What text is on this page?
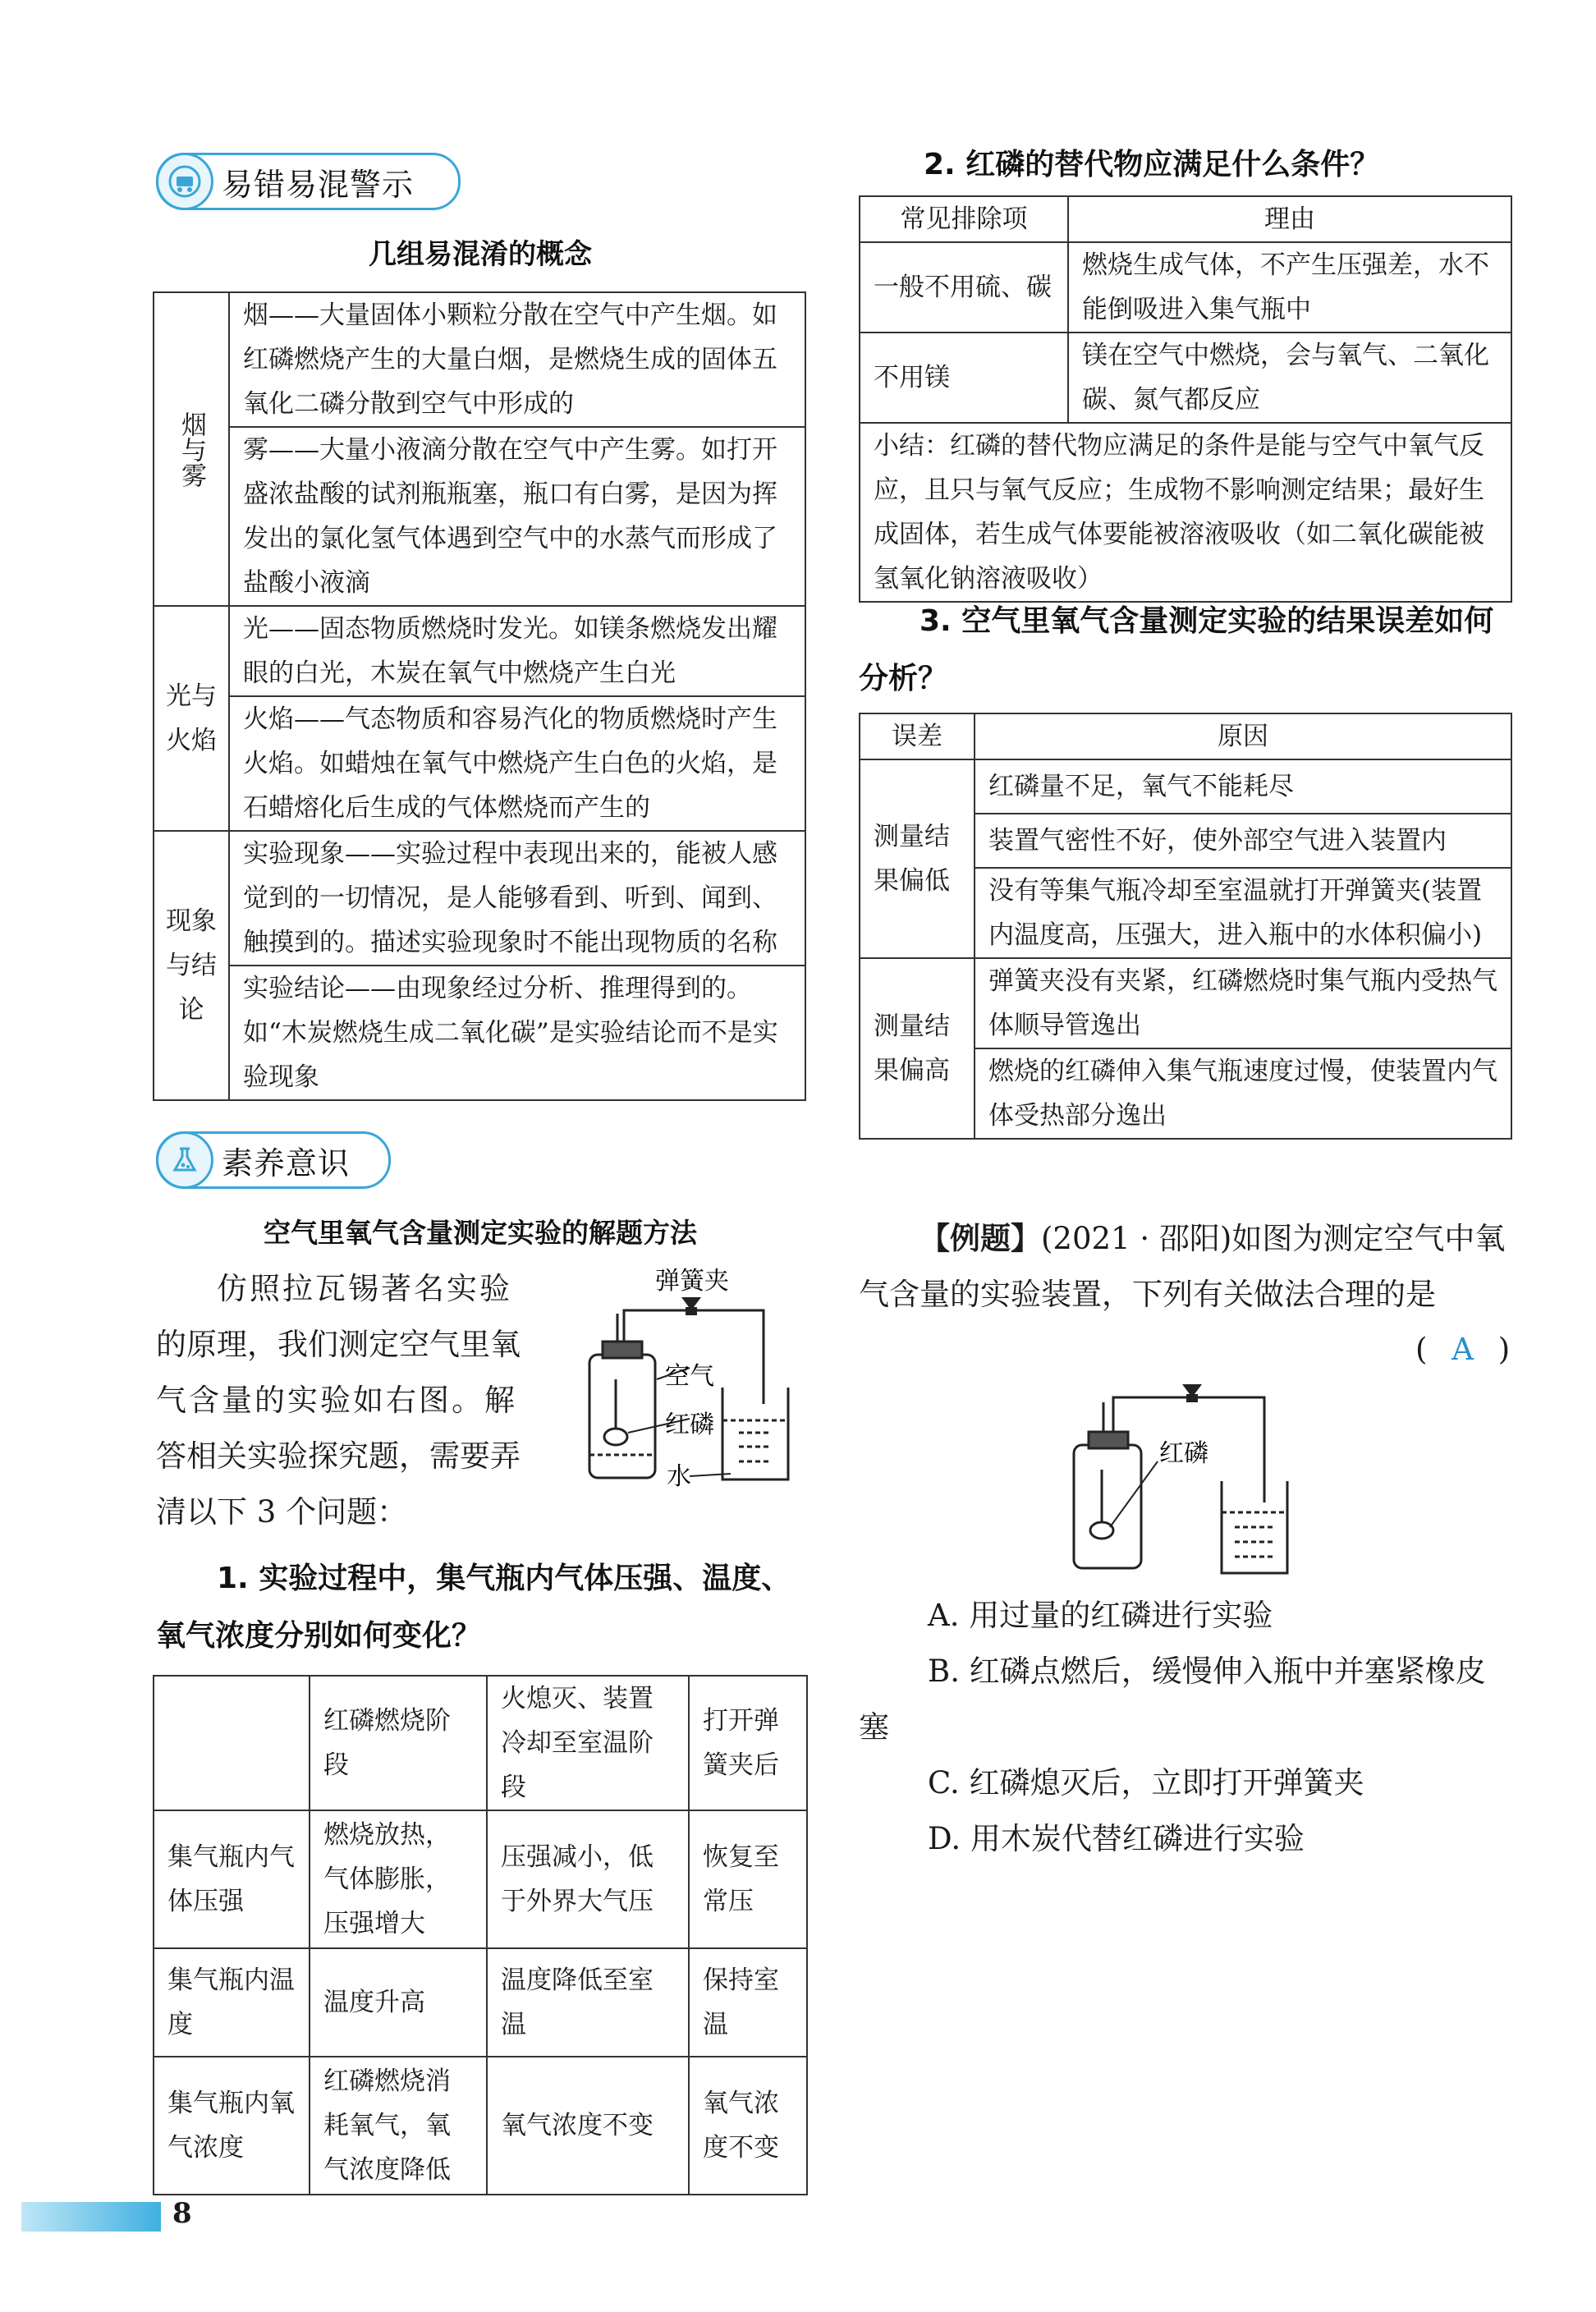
易错易混警示
几组易混淆的概念
烟与雾	烟——大量固体小颗粒分散在空气中产生烟。如红磷燃烧产生的大量白烟，是燃烧生成的固体五氧化二磷分散到空气中形成的
	雾——大量小液滴分散在空气中产生雾。如打开盛浓盐酸的试剂瓶瓶塞，瓶口有白雾，是因为挥发出的氯化氢气体遇到空气中的水蒸气而形成了盐酸小液滴

光与火焰	光——固态物质燃烧时发光。如镁条燃烧发出耀眼的白光，木炭在氧气中燃烧产生白光
	火焰——气态物质和容易汽化的物质燃烧时产生火焰。如蜡烛在氧气中燃烧产生白色的火焰，是石蜡熔化后生成的气体燃烧而产生的

现象与结论	实验现象——实验过程中表现出来的，能被人感觉到的一切情况，是人能够看到、听到、闻到、触摸到的。描述实验现象时不能出现物质的名称
	实验结论——由现象经过分析、推理得到的。如“木炭燃烧生成二氧化碳”是实验结论而不是实验现象
素养意识
空气里氧气含量测定实验的解题方法
仿照拉瓦锡著名实验
的原理，我们测定空气里氧
气含量的实验如右图。解
答相关实验探究题，需要弄
清以下 3 个问题：
弹簧夹
空气
红磷
水
1. 实验过程中，集气瓶内气体压强、温度、氧气浓度分别如何变化？
	红磷燃烧阶段	火熄灭、装置冷却至室温阶段	打开弹簧夹后
集气瓶内气体压强	燃烧放热，气体膨胀，压强增大	压强减小，低于外界大气压	恢复至常压
集气瓶内温度	温度升高	温度降低至室温	保持室温
集气瓶内氧气浓度	红磷燃烧消耗氧气，氧气浓度降低	氧气浓度不变	氧气浓度不变
8
2. 红磷的替代物应满足什么条件？
常见排除项	理由
一般不用硫、碳	燃烧生成气体，不产生压强差，水不能倒吸进入集气瓶中
不用镁	镁在空气中燃烧，会与氧气、二氧化碳、氮气都反应
小结：红磷的替代物应满足的条件是能与空气中氧气反应，且只与氧气反应；生成物不影响测定结果；最好生成固体，若生成气体要能被溶液吸收（如二氧化碳能被氢氧化钠溶液吸收）	
3. 空气里氧气含量测定实验的结果误差如何分析？
误差	原因
测量结果偏低	红磷量不足，氧气不能耗尽
	装置气密性不好，使外部空气进入装置内
	没有等集气瓶冷却至室温就打开弹簧夹(装置内温度高，压强大，进入瓶中的水体积偏小)
测量结果偏高	弹簧夹没有夹紧，红磷燃烧时集气瓶内受热气体顺导管逸出
	燃烧的红磷伸入集气瓶速度过慢，使装置内气体受热部分逸出
【例题】(2021 · 邵阳)如图为测定空气中氧气含量的实验装置，下列有关做法合理的是
( A )
红磷
A. 用过量的红磷进行实验
B. 红磷点燃后，缓慢伸入瓶中并塞紧橡皮塞
C. 红磷熄灭后，立即打开弹簧夹
D. 用木炭代替红磷进行实验
